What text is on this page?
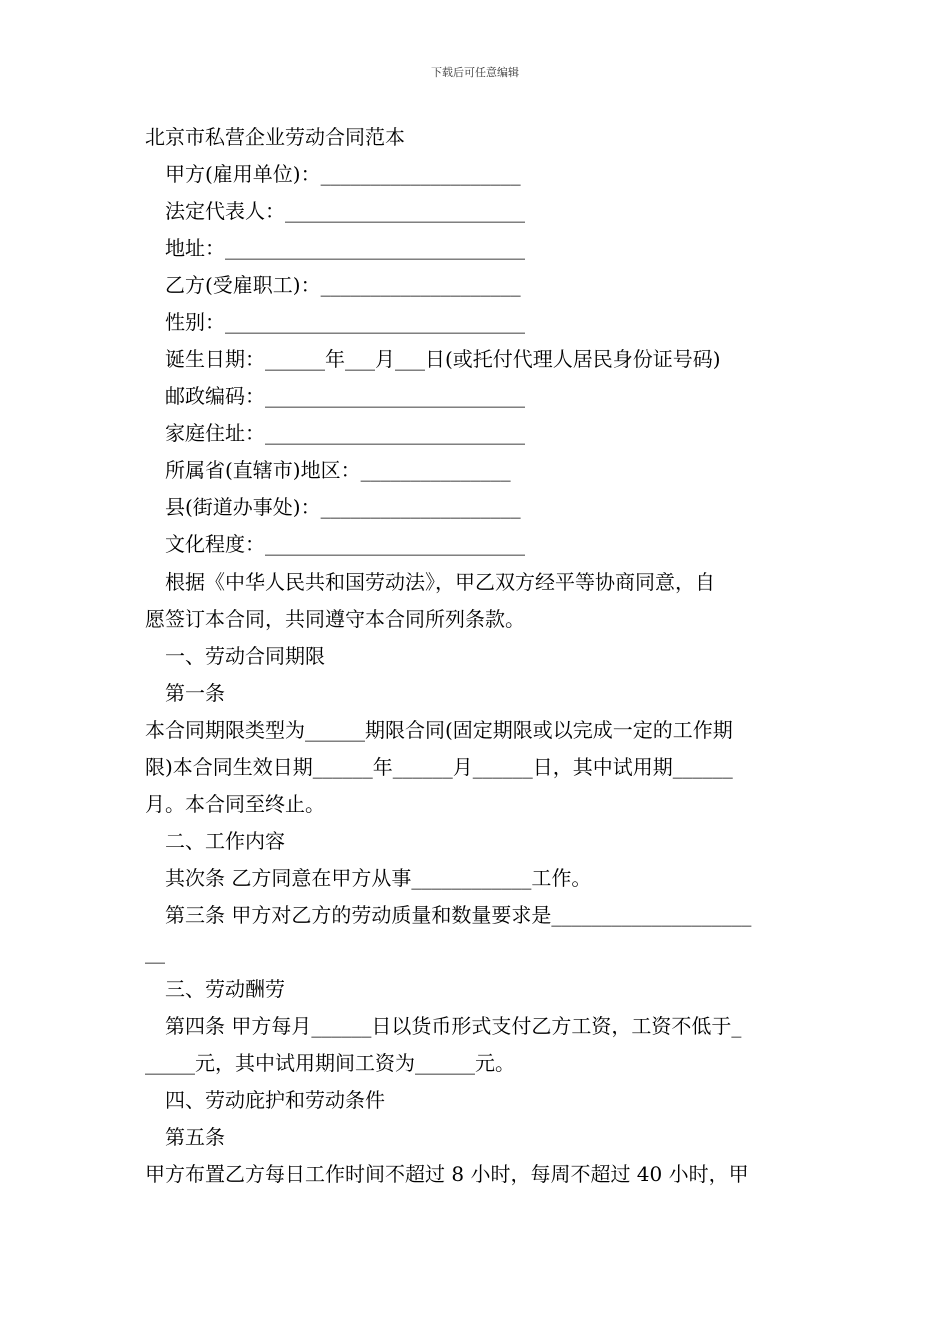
下载后可任意编辑
北京市私营企业劳动合同范本
甲方(雇用单位)：____________________
法定代表人：________________________
地址：______________________________
乙方(受雇职工)：____________________
性别：______________________________
诞生日期：______年___月___日(或托付代理人居民身份证号码)
邮政编码：__________________________
家庭住址：__________________________
所属省(直辖市)地区：_______________
县(街道办事处)：____________________
文化程度：__________________________
根据《中华人民共和国劳动法》，甲乙双方经平等协商同意，自
愿签订本合同，共同遵守本合同所列条款。
一、劳动合同期限
第一条
本合同期限类型为______期限合同(固定期限或以完成一定的工作期
限)本合同生效日期______年______月______日，其中试用期______
月。本合同至终止。
二、工作内容
其次条 乙方同意在甲方从事____________工作。
第三条 甲方对乙方的劳动质量和数量要求是____________________
__
三、劳动酬劳
第四条 甲方每月______日以货币形式支付乙方工资，工资不低于_
_____元，其中试用期间工资为______元。
四、劳动庇护和劳动条件
第五条
甲方布置乙方每日工作时间不超过 8 小时，每周不超过 40 小时，甲
